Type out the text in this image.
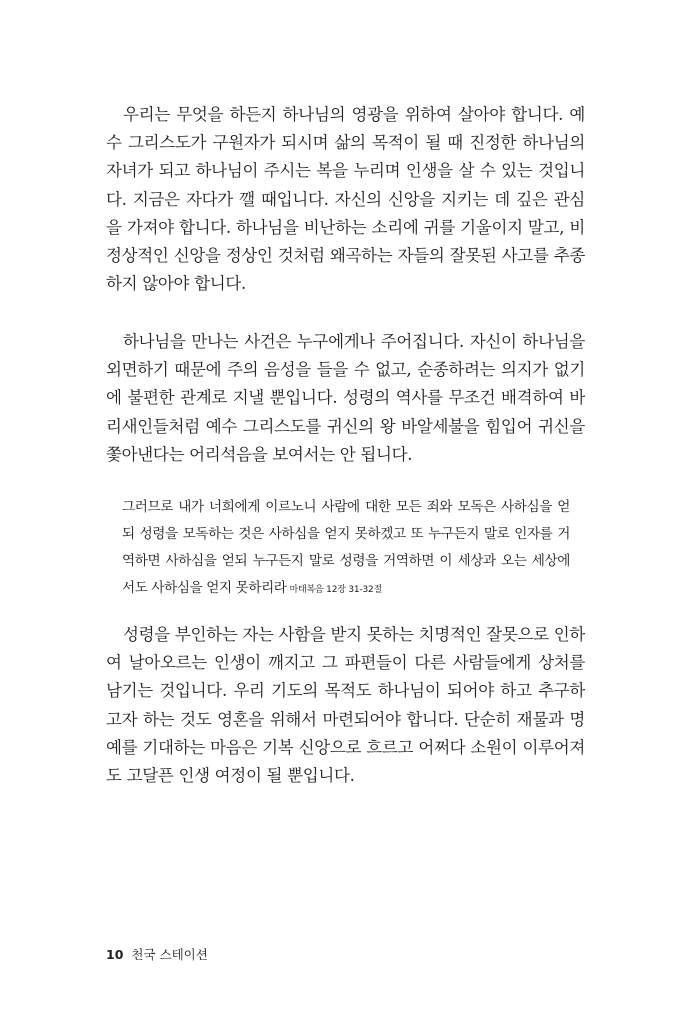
우리는 무엇을 하든지 하나님의 영광을 위하여 살아야 합니다. 예
수 그리스도가 구원자가 되시며 삶의 목적이 될 때 진정한 하나님의
자녀가 되고 하나님이 주시는 복을 누리며 인생을 살 수 있는 것입니
다. 지금은 자다가 깰 때입니다. 자신의 신앙을 지키는 데 깊은 관심
을 가져야 합니다. 하나님을 비난하는 소리에 귀를 기울이지 말고, 비
정상적인 신앙을 정상인 것처럼 왜곡하는 자들의 잘못된 사고를 추종
하지 않아야 합니다.
하나님을 만나는 사건은 누구에게나 주어집니다. 자신이 하나님을
외면하기 때문에 주의 음성을 들을 수 없고, 순종하려는 의지가 없기
에 불편한 관계로 지낼 뿐입니다. 성령의 역사를 무조건 배격하여 바
리새인들처럼 예수 그리스도를 귀신의 왕 바알세불을 힘입어 귀신을
쫓아낸다는 어리석음을 보여서는 안 됩니다.
그러므로 내가 너희에게 이르노니 사람에 대한 모든 죄와 모독은 사하심을 얻
되 성령을 모독하는 것은 사하심을 얻지 못하겠고 또 누구든지 말로 인자를 거
역하면 사하심을 얻되 누구든지 말로 성령을 거역하면 이 세상과 오는 세상에
서도 사하심을 얻지 못하리라 마태복음 12장 31-32절
성령을 부인하는 자는 사함을 받지 못하는 치명적인 잘못으로 인하
여 날아오르는 인생이 깨지고 그 파편들이 다른 사람들에게 상처를
남기는 것입니다. 우리 기도의 목적도 하나님이 되어야 하고 추구하
고자 하는 것도 영혼을 위해서 마련되어야 합니다. 단순히 재물과 명
예를 기대하는 마음은 기복 신앙으로 흐르고 어쩌다 소원이 이루어져
도 고달픈 인생 여정이 될 뿐입니다.
10 천국 스테이션
